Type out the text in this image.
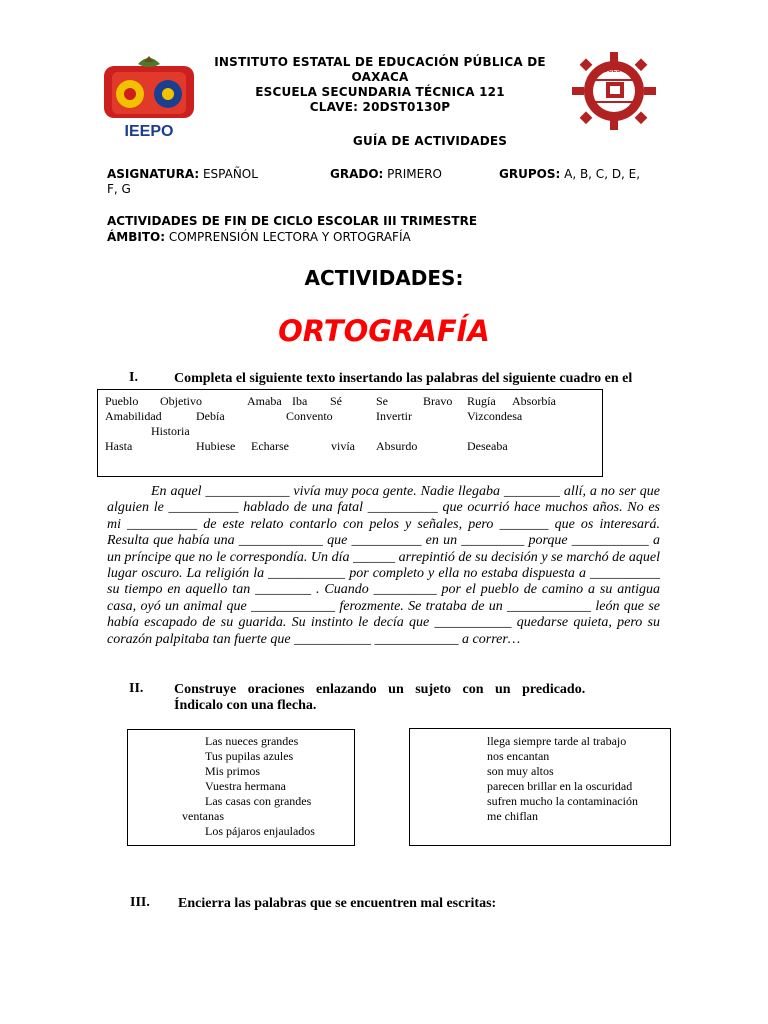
IEEPO
DGEST
INSTITUTO ESTATAL DE EDUCACIÓN PÚBLICA DE
OAXACA
ESCUELA SECUNDARIA TÉCNICA 121
CLAVE: 20DST0130P
GUÍA DE ACTIVIDADES
ASIGNATURA: ESPAÑOL
F, G
GRADO: PRIMERO	GRUPOS: A, B, C, D, E,
ACTIVIDADES DE FIN DE CICLO ESCOLAR III TRIMESTRE
ÁMBITO: COMPRENSIÓN LECTORA Y ORTOGRAFÍA
ACTIVIDADES:
ORTOGRAFÍA
I.	Completa el siguiente texto insertando las palabras del siguiente cuadro en el
Pueblo Objetivo	Amaba Iba Sé	Se	Bravo Rugía Absorbía
Amabilidad	Debía	Convento	Invertir	Vizcondesa
Historia
Hasta	Hubiese Echarse	vivía Absurdo	Deseaba
En aquel ____________ vivía muy poca gente. Nadie llegaba ________ allí, a no ser que alguien le __________ hablado de una fatal __________ que ocurrió hace muchos años. No es mi __________ de este relato contarlo con pelos y señales, pero _______ que os interesará. Resulta que había una ____________ que __________ en un _________ porque ___________ a un príncipe que no le correspondía. Un día ______ arrepintió de su decisión y se marchó de aquel lugar oscuro. La religión la ___________ por completo y ella no estaba dispuesta a __________ su tiempo en aquello tan ________ . Cuando _________ por el pueblo de camino a su antigua casa, oyó un animal que ____________ ferozmente. Se trataba de un ____________ león que se había escapado de su guarida. Su instinto le decía que ___________ quedarse quieta, pero su corazón palpitaba tan fuerte que ___________ ____________ a correr…
II. Construye oraciones enlazando un sujeto con un predicado.
Índicalo con una flecha.
Las nueces grandes
Tus pupilas azules
Mis primos
Vuestra hermana
Las casas con grandes
ventanas
Los pájaros enjaulados
llega siempre tarde al trabajo
nos encantan
son muy altos
parecen brillar en la oscuridad
sufren mucho la contaminación
me chiflan
III. Encierra las palabras que se encuentren mal escritas:
